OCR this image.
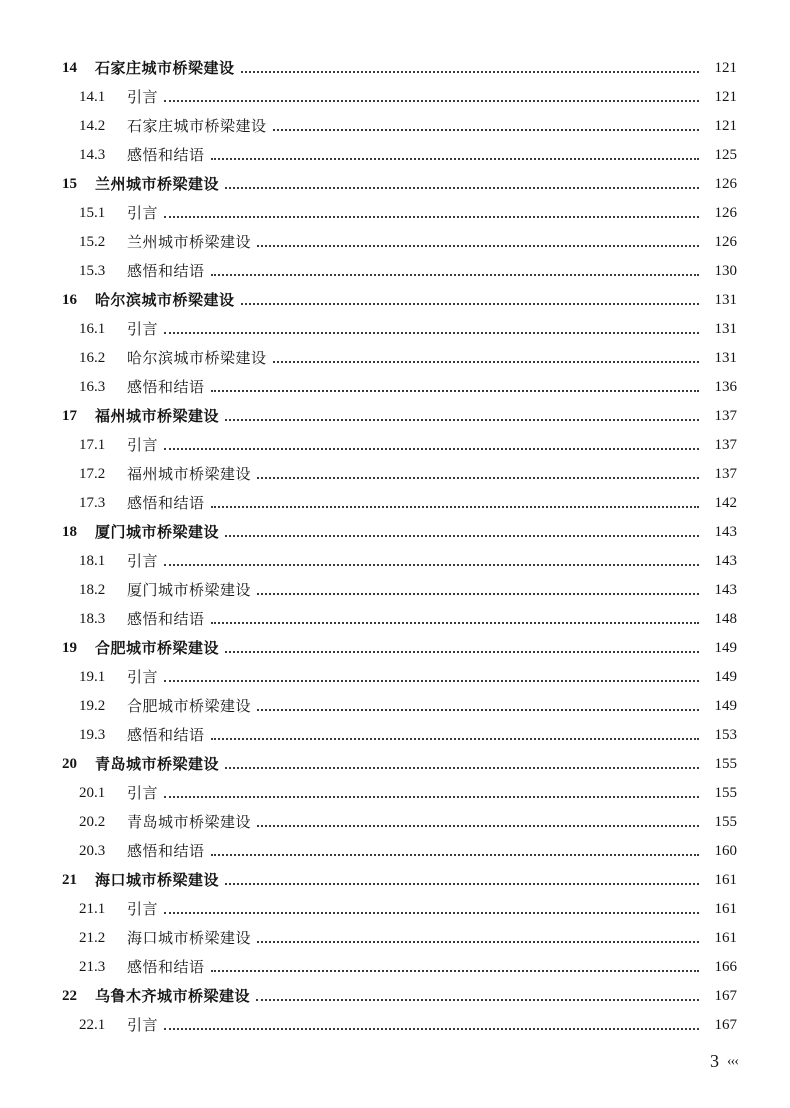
14	石家庄城市桥梁建设	121
14.1	引言	121
14.2	石家庄城市桥梁建设	121
14.3	感悟和结语	125
15	兰州城市桥梁建设	126
15.1	引言	126
15.2	兰州城市桥梁建设	126
15.3	感悟和结语	130
16	哈尔滨城市桥梁建设	131
16.1	引言	131
16.2	哈尔滨城市桥梁建设	131
16.3	感悟和结语	136
17	福州城市桥梁建设	137
17.1	引言	137
17.2	福州城市桥梁建设	137
17.3	感悟和结语	142
18	厦门城市桥梁建设	143
18.1	引言	143
18.2	厦门城市桥梁建设	143
18.3	感悟和结语	148
19	合肥城市桥梁建设	149
19.1	引言	149
19.2	合肥城市桥梁建设	149
19.3	感悟和结语	153
20	青岛城市桥梁建设	155
20.1	引言	155
20.2	青岛城市桥梁建设	155
20.3	感悟和结语	160
21	海口城市桥梁建设	161
21.1	引言	161
21.2	海口城市桥梁建设	161
21.3	感悟和结语	166
22	乌鲁木齐城市桥梁建设	167
22.1	引言	167
3 ‹‹‹
